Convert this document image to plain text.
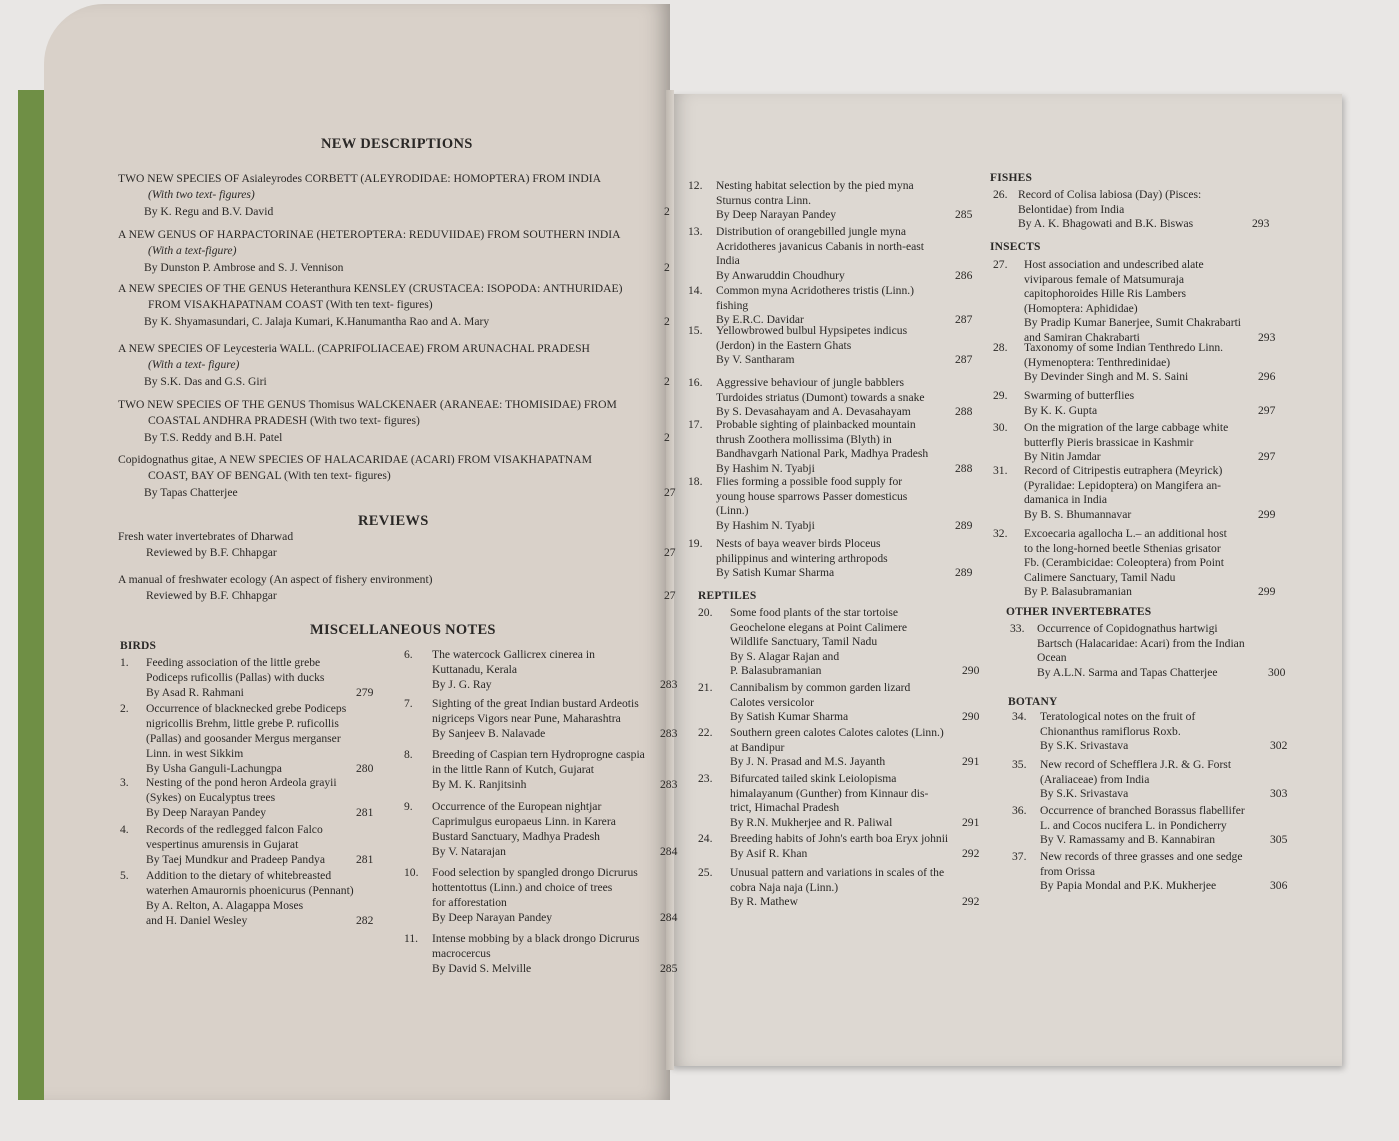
NEW DESCRIPTIONS
TWO NEW SPECIES OF Asialeyrodes CORBETT (ALEYRODIDAE: HOMOPTERA) FROM INDIA
(With two text- figures)
By K. Regu and B.V. David	2
A NEW GENUS OF HARPACTORINAE (HETEROPTERA: REDUVIIDAE) FROM SOUTHERN INDIA
(With a text-figure)
By Dunston P. Ambrose and S. J. Vennison	2
A NEW SPECIES OF THE GENUS Heteranthura KENSLEY (CRUSTACEA: ISOPODA: ANTHURIDAE)
FROM VISAKHAPATNAM COAST (With ten text- figures)
By K. Shyamasundari, C. Jalaja Kumari, K.Hanumantha Rao and A. Mary	2
A NEW SPECIES OF Leycesteria WALL. (CAPRIFOLIACEAE) FROM ARUNACHAL PRADESH
(With a text- figure)
By S.K. Das and G.S. Giri	2
TWO NEW SPECIES OF THE GENUS Thomisus WALCKENAER (ARANEAE: THOMISIDAE) FROM
COASTAL ANDHRA PRADESH (With two text- figures)
By T.S. Reddy and B.H. Patel	2
Copidognathus gitae, A NEW SPECIES OF HALACARIDAE (ACARI) FROM VISAKHAPATNAM
COAST, BAY OF BENGAL (With ten text- figures)
By Tapas Chatterjee	27
REVIEWS
Fresh water invertebrates of Dharwad
Reviewed by B.F. Chhapgar	27
A manual of freshwater ecology (An aspect of fishery environment)
Reviewed by B.F. Chhapgar	27
MISCELLANEOUS NOTES
BIRDS
1. Feeding association of the little grebe
Podiceps ruficollis (Pallas) with ducks
By Asad R. Rahmani	279
2. Occurrence of blacknecked grebe Podiceps
nigricollis Brehm, little grebe P. ruficollis
(Pallas) and goosander Mergus merganser
Linn. in west Sikkim
By Usha Ganguli-Lachungpa	280
3. Nesting of the pond heron Ardeola grayii
(Sykes) on Eucalyptus trees
By Deep Narayan Pandey	281
4. Records of the redlegged falcon Falco
vespertinus amurensis in Gujarat
By Taej Mundkur and Pradeep Pandya	281
5. Addition to the dietary of whitebreasted
waterhen Amaurornis phoenicurus (Pennant)
By A. Relton, A. Alagappa Moses
and H. Daniel Wesley	282
6. The watercock Gallicrex cinerea in
Kuttanadu, Kerala
By J. G. Ray	283
7. Sighting of the great Indian bustard Ardeotis
nigriceps Vigors near Pune, Maharashtra
By Sanjeev B. Nalavade	283
8. Breeding of Caspian tern Hydroprogne caspia
in the little Rann of Kutch, Gujarat
By M. K. Ranjitsinh	283
9. Occurrence of the European nightjar
Caprimulgus europaeus Linn. in Karera
Bustard Sanctuary, Madhya Pradesh
By V. Natarajan	284
10. Food selection by spangled drongo Dicrurus
hottentottus (Linn.) and choice of trees
for afforestation
By Deep Narayan Pandey	284
11. Intense mobbing by a black drongo Dicrurus
macrocercus
By David S. Melville	285
REPTILES
FISHES
INSECTS
OTHER INVERTEBRATES
BOTANY
12. Nesting habitat selection by the pied myna
Sturnus contra Linn.
By Deep Narayan Pandey	285
13. Distribution of orangebilled jungle myna
Acridotheres javanicus Cabanis in north-east
India
By Anwaruddin Choudhury	286
14. Common myna Acridotheres tristis (Linn.)
fishing
By E.R.C. Davidar	287
15. Yellowbrowed bulbul Hypsipetes indicus
(Jerdon) in the Eastern Ghats
By V. Santharam	287
16. Aggressive behaviour of jungle babblers
Turdoides striatus (Dumont) towards a snake
By S. Devasahayam and A. Devasahayam	288
17. Probable sighting of plainbacked mountain
thrush Zoothera mollissima (Blyth) in
Bandhavgarh National Park, Madhya Pradesh
By Hashim N. Tyabji	288
18. Flies forming a possible food supply for
young house sparrows Passer domesticus
(Linn.)
By Hashim N. Tyabji	289
19. Nests of baya weaver birds Ploceus
philippinus and wintering arthropods
By Satish Kumar Sharma	289
20. Some food plants of the star tortoise
Geochelone elegans at Point Calimere
Wildlife Sanctuary, Tamil Nadu
By S. Alagar Rajan and
P. Balasubramanian	290
21. Cannibalism by common garden lizard
Calotes versicolor
By Satish Kumar Sharma	290
22. Southern green calotes Calotes calotes (Linn.)
at Bandipur
By J. N. Prasad and M.S. Jayanth	291
23. Bifurcated tailed skink Leiolopisma
himalayanum (Gunther) from Kinnaur dis-
trict, Himachal Pradesh
By R.N. Mukherjee and R. Paliwal	291
24. Breeding habits of John's earth boa Eryx johnii
By Asif R. Khan	292
25. Unusual pattern and variations in scales of the
cobra Naja naja (Linn.)
By R. Mathew	292
26. Record of Colisa labiosa (Day) (Pisces:
Belontidae) from India
By A. K. Bhagowati and B.K. Biswas	293
27. Host association and undescribed alate
viviparous female of Matsumuraja
capitophoroides Hille Ris Lambers
(Homoptera: Aphididae)
By Pradip Kumar Banerjee, Sumit Chakrabarti
and Samiran Chakrabarti	293
28. Taxonomy of some Indian Tenthredo Linn.
(Hymenoptera: Tenthredinidae)
By Devinder Singh and M. S. Saini	296
29. Swarming of butterflies
By K. K. Gupta	297
30. On the migration of the large cabbage white
butterfly Pieris brassicae in Kashmir
By Nitin Jamdar	297
31. Record of Citripestis eutraphera (Meyrick)
(Pyralidae: Lepidoptera) on Mangifera an-
damanica in India
By B. S. Bhumannavar	299
32. Excoecaria agallocha L.– an additional host
to the long-horned beetle Sthenias grisator
Fb. (Cerambicidae: Coleoptera) from Point
Calimere Sanctuary, Tamil Nadu
By P. Balasubramanian	299
33. Occurrence of Copidognathus hartwigi
Bartsch (Halacaridae: Acari) from the Indian
Ocean
By A.L.N. Sarma and Tapas Chatterjee	300
34. Teratological notes on the fruit of
Chionanthus ramiflorus Roxb.
By S.K. Srivastava	302
35. New record of Schefflera J.R. & G. Forst
(Araliaceae) from India
By S.K. Srivastava	303
36. Occurrence of branched Borassus flabellifer
L. and Cocos nucifera L. in Pondicherry
By V. Ramassamy and B. Kannabiran	305
37. New records of three grasses and one sedge
from Orissa
By Papia Mondal and P.K. Mukherjee	306
